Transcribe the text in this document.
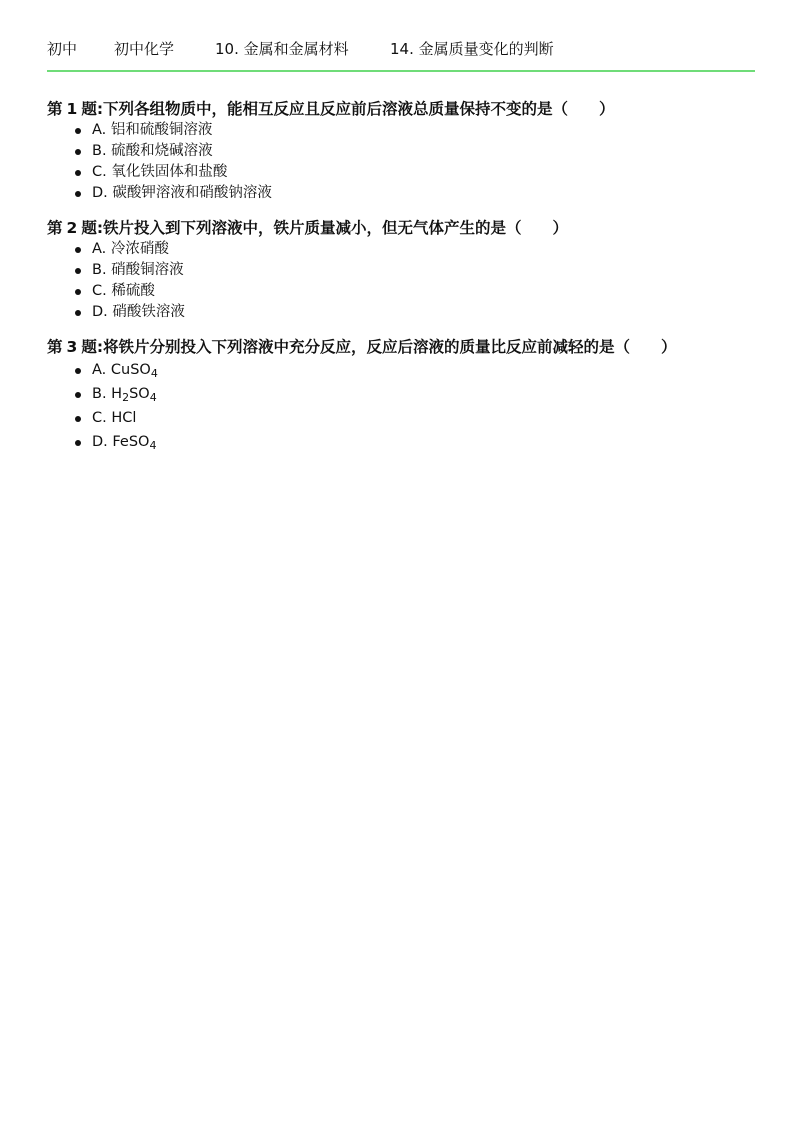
初中	初中化学	10. 金属和金属材料	14. 金属质量变化的判断

第 1 题:下列各组物质中，能相互反应且反应前后溶液总质量保持不变的是（　　）

A. 铝和硫酸铜溶液
B. 硫酸和烧碱溶液
C. 氧化铁固体和盐酸
D. 碳酸钾溶液和硝酸钠溶液

第 2 题:铁片投入到下列溶液中，铁片质量减小，但无气体产生的是（　　）

A. 冷浓硝酸
B. 硝酸铜溶液
C. 稀硫酸
D. 硝酸铁溶液

第 3 题:将铁片分别投入下列溶液中充分反应，反应后溶液的质量比反应前减轻的是（　　）

A. CuSO$_4$
B. $H_2SO_4$
C. HCl
D. FeSO$_4$
